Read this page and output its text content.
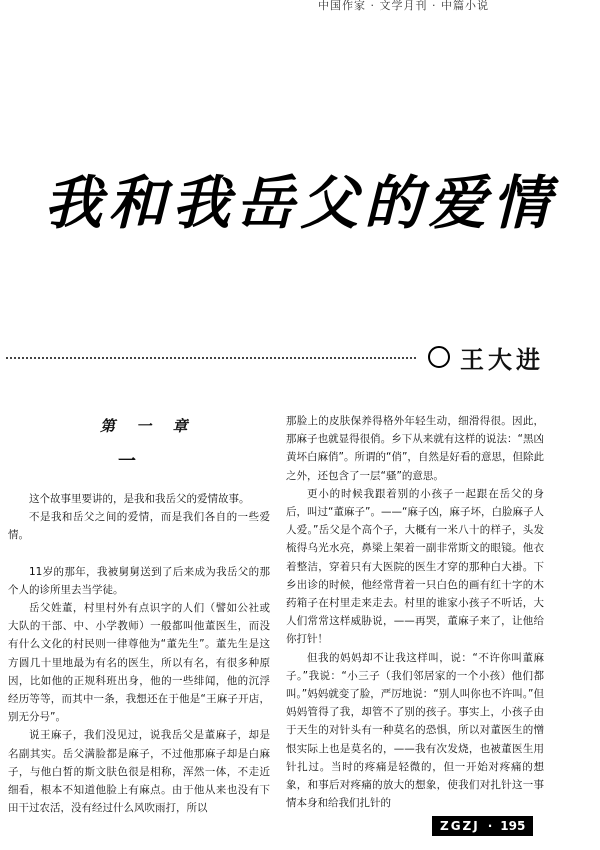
中国作家 · 文学月刊 · 中篇小说
我和我岳父的爱情
王大进
第 一 章
一

这个故事里要讲的，是我和我岳父的爱情故事。

不是我和岳父之间的爱情，而是我们各自的一些爱情。

11岁的那年，我被舅舅送到了后来成为我岳父的那个人的诊所里去当学徒。

岳父姓董，村里村外有点识字的人们（譬如公社或大队的干部、中、小学教师）一般都叫他董医生，而没有什么文化的村民则一律尊他为“董先生”。董先生是这方圆几十里地最为有名的医生，所以有名，有很多种原因，比如他的正规科班出身，他的一些绯闻，他的沉浮经历等等，而其中一条，我想还在于他是“王麻子开店，别无分号”。

说王麻子，我们没见过，说我岳父是董麻子，却是名副其实。岳父满脸都是麻子，不过他那麻子却是白麻子，与他白皙的斯文肤色很是相称，浑然一体，不走近细看，根本不知道他脸上有麻点。由于他从来也没有下田干过农活，没有经过什么风吹雨打，所以

那脸上的皮肤保养得格外年轻生动，细滑得很。因此，那麻子也就显得很俏。乡下从来就有这样的说法：“黑凶黄坏白麻俏”。所谓的“俏”，自然是好看的意思，但除此之外，还包含了一层“骚”的意思。

更小的时候我跟着别的小孩子一起跟在岳父的身后，叫过“董麻子”。——“麻子凶，麻子坏，白脸麻子人人爱。”岳父是个高个子，大概有一米八十的样子，头发梳得乌光水亮，鼻梁上架着一副非常斯文的眼镜。他衣着整洁，穿着只有大医院的医生才穿的那种白大褂。下乡出诊的时候，他经常背着一只白色的画有红十字的木药箱子在村里走来走去。村里的谁家小孩子不听话，大人们常常这样威胁说，——再哭，董麻子来了，让他给你打针！

但我的妈妈却不让我这样叫，说：“不许你叫董麻子。”我说：“小三子（我们邻居家的一个小孩）他们都叫。”妈妈就变了脸，严厉地说：“别人叫你也不许叫。”但妈妈管得了我，却管不了别的孩子。事实上，小孩子由于天生的对针头有一种莫名的恐惧，所以对董医生的憎恨实际上也是莫名的，——我有次发烧，也被董医生用针扎过。当时的疼痛是轻微的，但一开始对疼痛的想象，和事后对疼痛的放大的想象，使我们对扎针这一事情本身和给我们扎针的

ZGZJ · 195
